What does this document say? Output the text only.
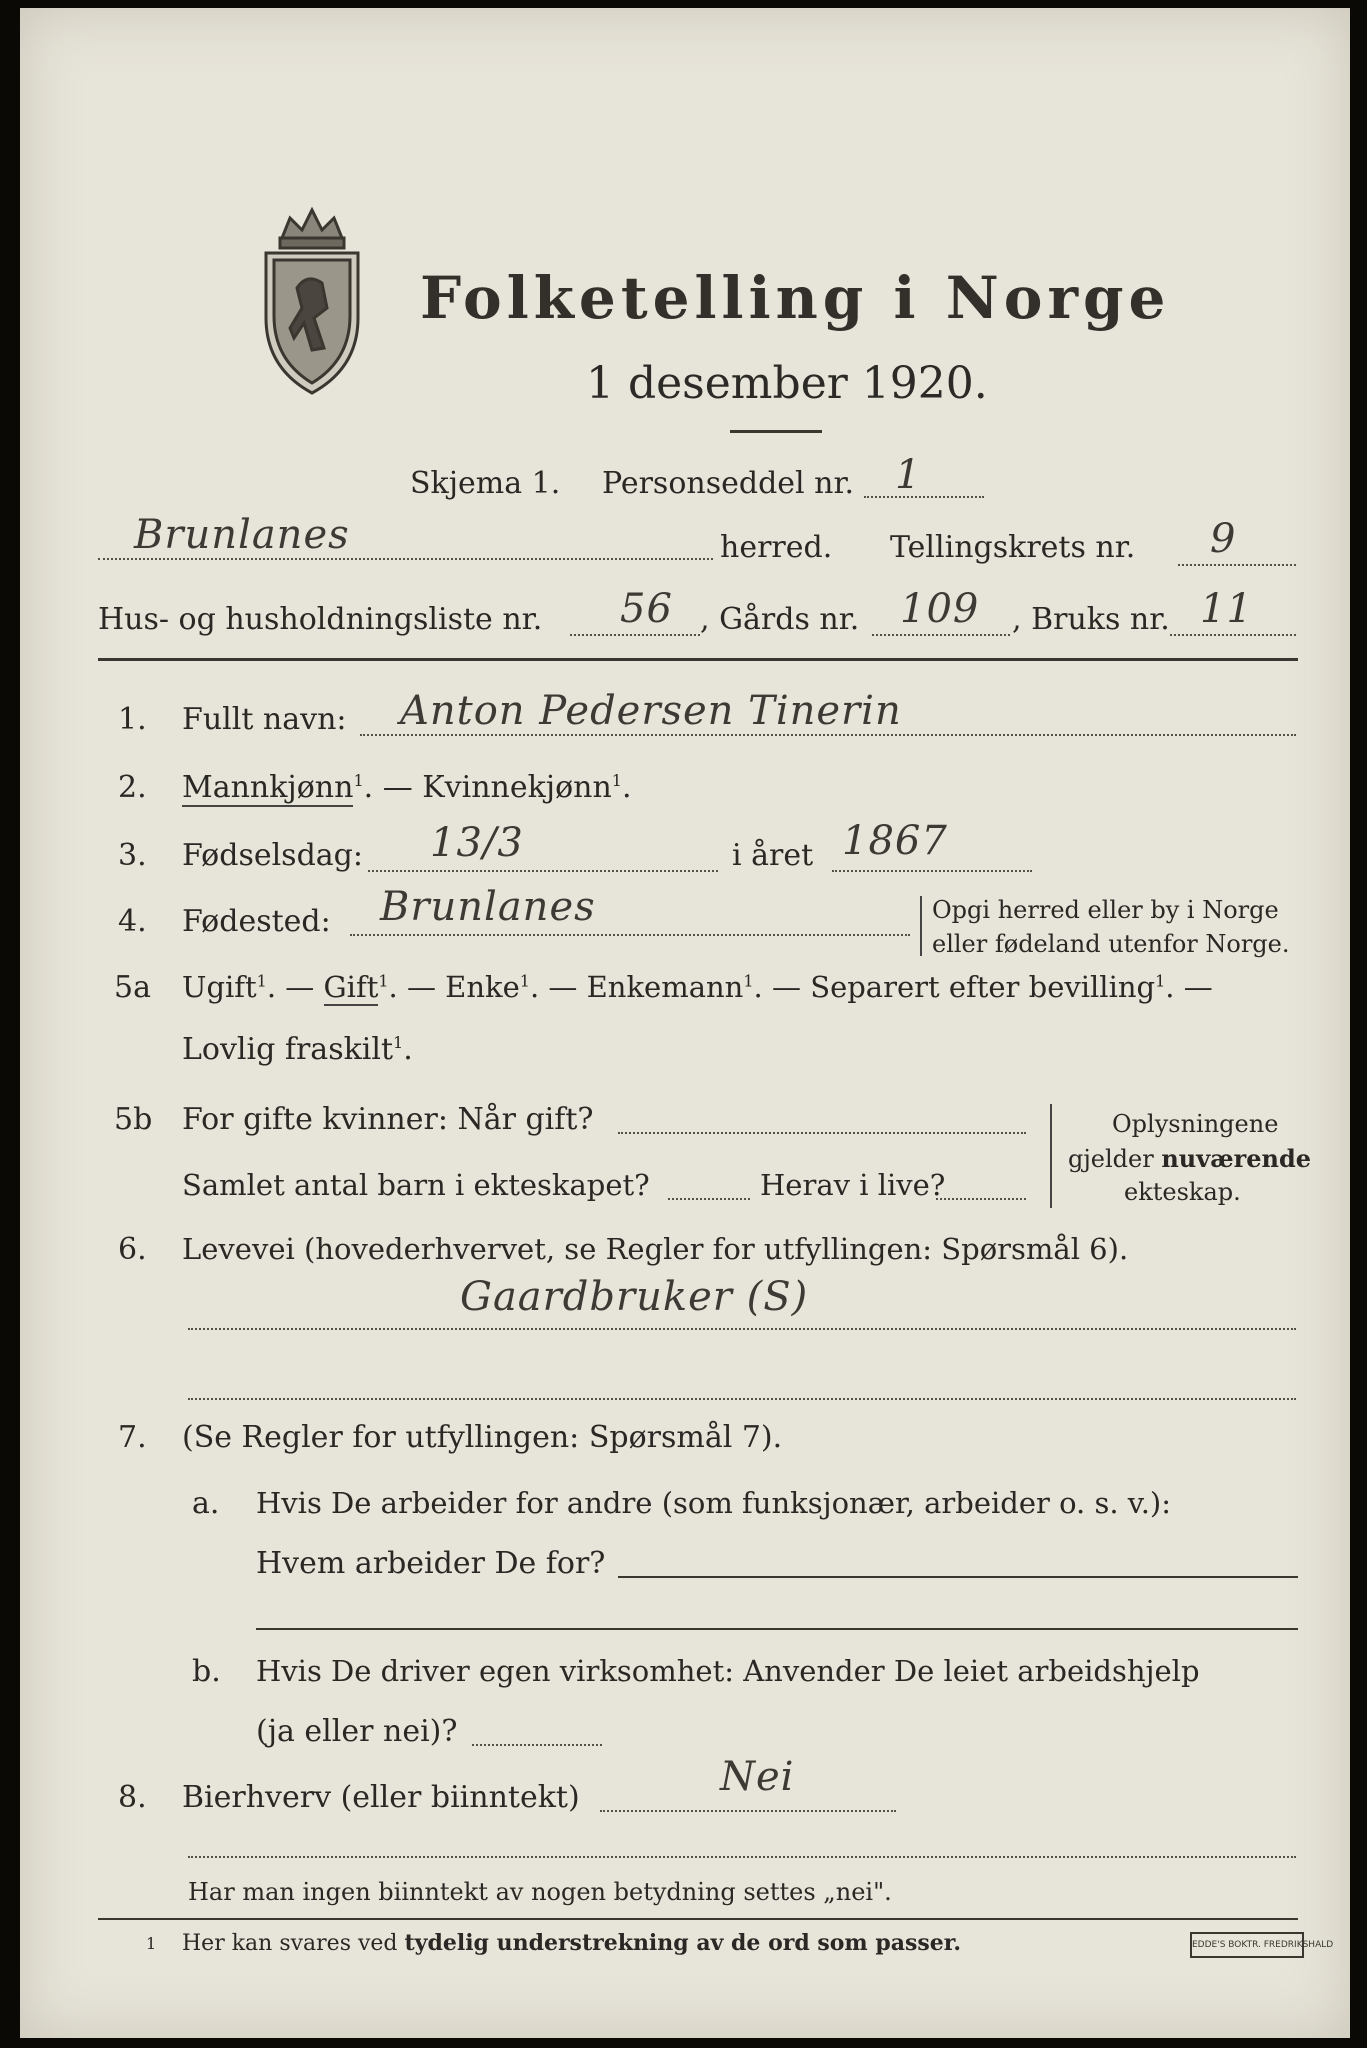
Folketelling i Norge
1 desember 1920.
Skjema 1. Personseddel nr. 1
Brunlanes	herred. Tellingskrets nr. 9
Hus- og husholdningsliste nr. 56 , Gårds nr. 109 , Bruks nr. 11
1. Fullt navn: Anton Pedersen Tinerin
2. Mannkjønn$^1$. — Kvinnekjønn$^1$.
3. Fødselsdag: 13/3	i året 1867
4. Fødested: Brunlanes	Opgi herred eller by i Norge
eller fødeland utenfor Norge.
5a Ugift$^1$. — Gift$^1$. — Enke$^1$. — Enkemann$^1$. — Separert efter bevilling$^1$. —
Lovlig fraskilt$^1$.
5b For gifte kvinner: Når gift?
Samlet antal barn i ekteskapet?	Herav i live?
Oplysningene
gjelder nuværende
ekteskap.
6. Levevei (hovederhvervet, se Regler for utfyllingen: Spørsmål 6).
Gaardbruker (S)
7. (Se Regler for utfyllingen: Spørsmål 7).
a. Hvis De arbeider for andre (som funksjonær, arbeider o. s. v.):
Hvem arbeider De for?
b. Hvis De driver egen virksomhet: Anvender De leiet arbeidshjelp
(ja eller nei)?
8. Bierhverv (eller biinntekt)	Nei
Har man ingen biinntekt av nogen betydning settes „nei".
1 Her kan svares ved tydelig understrekning av de ord som passer.	EDDE'S BOKTR. FREDRIKSHALD
